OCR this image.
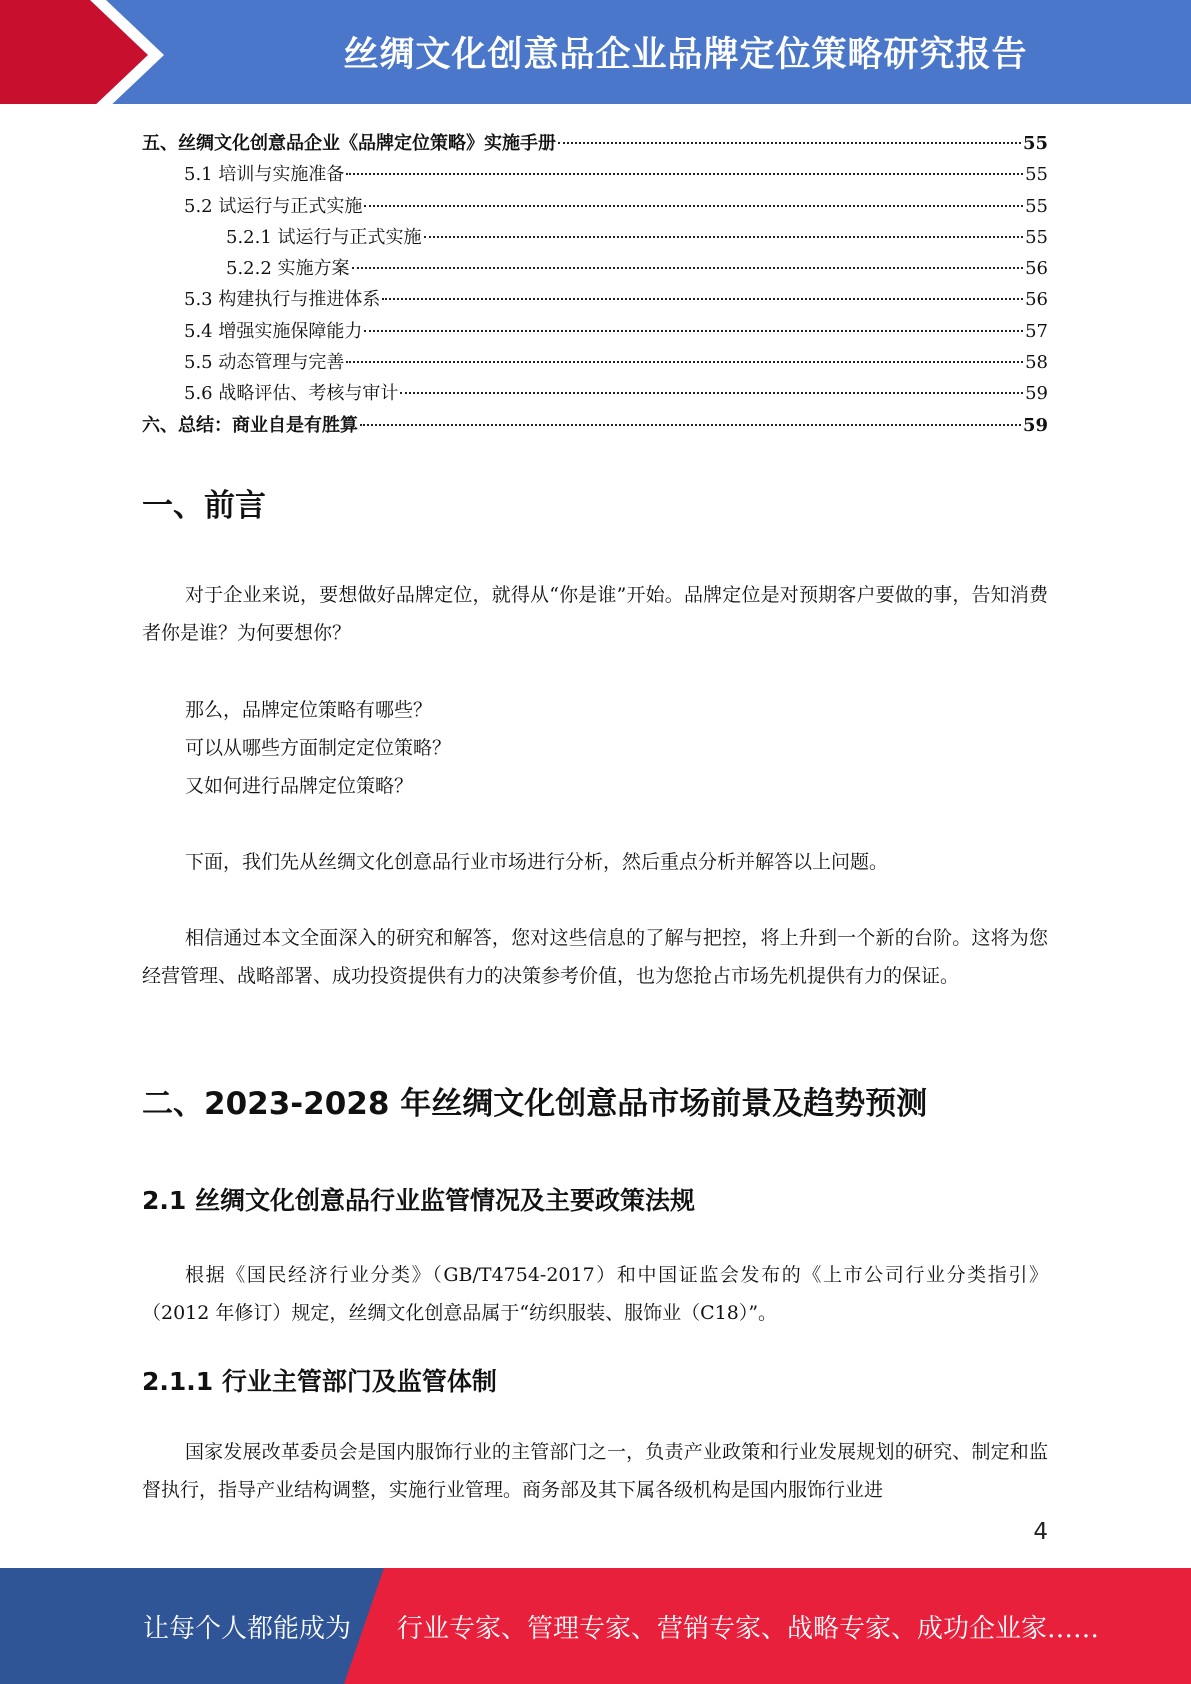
丝绸文化创意品企业品牌定位策略研究报告
五、丝绸文化创意品企业《品牌定位策略》实施手册	55
5.1 培训与实施准备	55
5.2 试运行与正式实施	55
5.2.1 试运行与正式实施	55
5.2.2 实施方案	56
5.3 构建执行与推进体系	56
5.4 增强实施保障能力	57
5.5 动态管理与完善	58
5.6 战略评估、考核与审计	59
六、总结：商业自是有胜算	59
一、前言

对于企业来说，要想做好品牌定位，就得从“你是谁”开始。品牌定位是对预期客户要做的事，告知消费者你是谁？为何要想你？

那么，品牌定位策略有哪些？
可以从哪些方面制定定位策略？
又如何进行品牌定位策略？

下面，我们先从丝绸文化创意品行业市场进行分析，然后重点分析并解答以上问题。

相信通过本文全面深入的研究和解答，您对这些信息的了解与把控，将上升到一个新的台阶。这将为您经营管理、战略部署、成功投资提供有力的决策参考价值，也为您抢占市场先机提供有力的保证。

二、2023-2028 年丝绸文化创意品市场前景及趋势预测
2.1 丝绸文化创意品行业监管情况及主要政策法规

根据《国民经济行业分类》（GB/T4754-2017）和中国证监会发布的《上市公司行业分类指引》（2012 年修订）规定，丝绸文化创意品属于“纺织服装、服饰业（C18）”。

2.1.1 行业主管部门及监管体制

国家发展改革委员会是国内服饰行业的主管部门之一，负责产业政策和行业发展规划的研究、制定和监督执行，指导产业结构调整，实施行业管理。商务部及其下属各级机构是国内服饰行业进

4
让每个人都能成为 行业专家、管理专家、营销专家、战略专家、成功企业家……
